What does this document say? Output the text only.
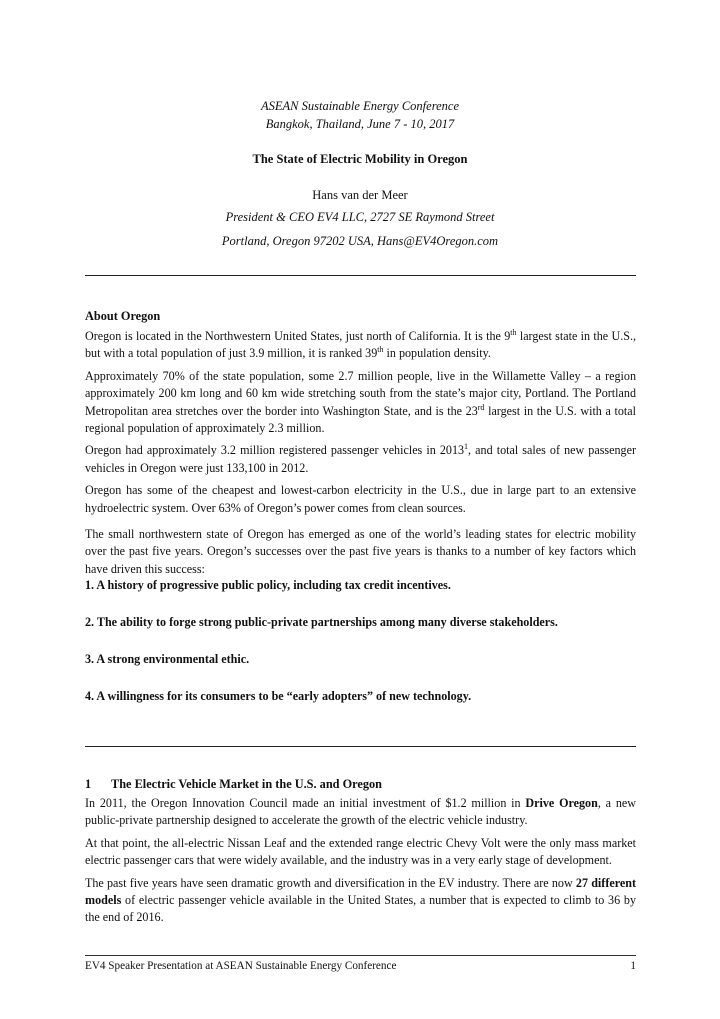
ASEAN Sustainable Energy Conference
Bangkok, Thailand, June 7 - 10, 2017
The State of Electric Mobility in Oregon
Hans van der Meer
President & CEO EV4 LLC, 2727 SE Raymond Street
Portland, Oregon 97202 USA, Hans@EV4Oregon.com
About Oregon

Oregon is located in the Northwestern United States, just north of California. It is the 9th largest state in the U.S., but with a total population of just 3.9 million, it is ranked 39th in population density.

Approximately 70% of the state population, some 2.7 million people, live in the Willamette Valley – a region approximately 200 km long and 60 km wide stretching south from the state’s major city, Portland. The Portland Metropolitan area stretches over the border into Washington State, and is the 23rd largest in the U.S. with a total regional population of approximately 2.3 million.

Oregon had approximately 3.2 million registered passenger vehicles in 2013$^1$, and total sales of new passenger vehicles in Oregon were just 133,100 in 2012.

Oregon has some of the cheapest and lowest-carbon electricity in the U.S., due in large part to an extensive hydroelectric system. Over 63% of Oregon’s power comes from clean sources.

The small northwestern state of Oregon has emerged as one of the world’s leading states for electric mobility over the past five years. Oregon’s successes over the past five years is thanks to a number of key factors which have driven this success:
1. A history of progressive public policy, including tax credit incentives.
2. The ability to forge strong public-private partnerships among many diverse stakeholders.
3. A strong environmental ethic.
4. A willingness for its consumers to be “early adopters” of new technology.
1 The Electric Vehicle Market in the U.S. and Oregon

In 2011, the Oregon Innovation Council made an initial investment of $1.2 million in Drive Oregon, a new public-private partnership designed to accelerate the growth of the electric vehicle industry.

At that point, the all-electric Nissan Leaf and the extended range electric Chevy Volt were the only mass market electric passenger cars that were widely available, and the industry was in a very early stage of development.

The past five years have seen dramatic growth and diversification in the EV industry. There are now 27 different models of electric passenger vehicle available in the United States, a number that is expected to climb to 36 by the end of 2016.

EV4 Speaker Presentation at ASEAN Sustainable Energy Conference	1
